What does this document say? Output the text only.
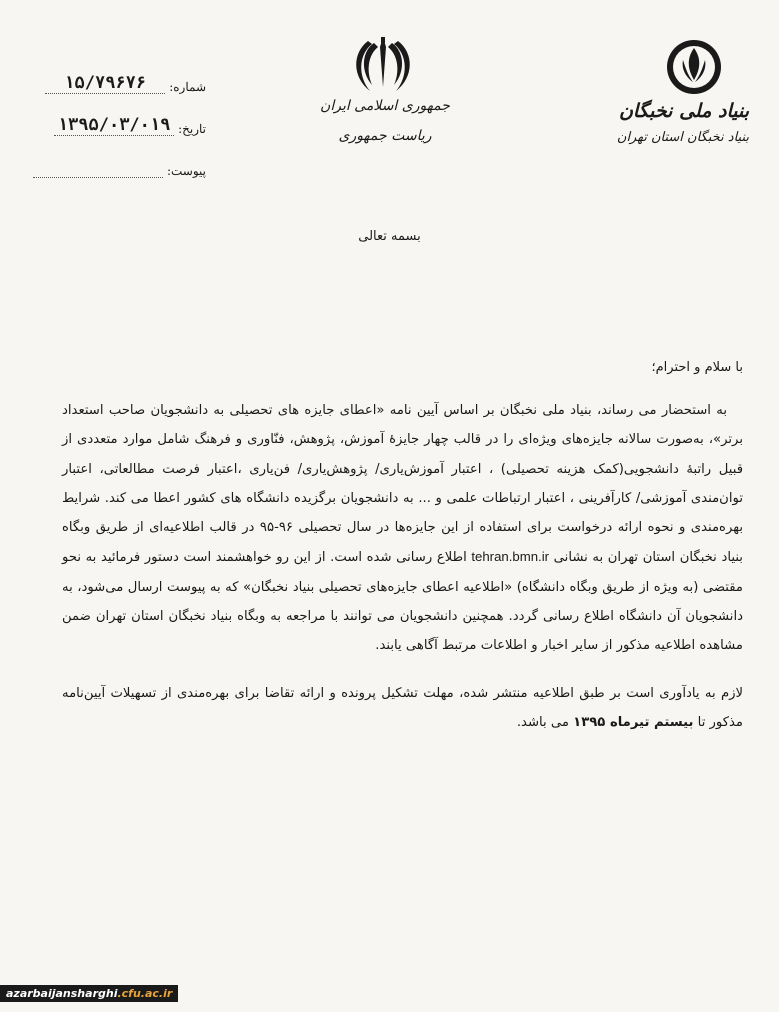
شماره:
۱۵/۷۹۶۷۶
تاریخ:
۱۳۹۵/۰۳/۰۱۹
پیوست:
جمهوری اسلامی ایران
ریاست جمهوری
بنیاد ملی نخبگان
بنیاد نخبگان استان تهران
بسمه تعالی
با سلام و احترام؛

به استحضار می رساند، بنیاد ملی نخبگان بر اساس آیین نامه «اعطای جایزه های تحصیلی به دانشجویان صاحب استعداد برتر»، به‌صورت سالانه جایزه‌های ویژه‌ای را در قالب چهار جایزۀ آموزش، پژوهش، فنّاوری و فرهنگ شامل موارد متعددی از قبیل راتبۀ دانشجویی(کمک هزینه تحصیلی) ، اعتبار آموزش‌یاری/ پژوهش‌یاری/ فن‌یاری ،اعتبار فرصت مطالعاتی، اعتبار توان‌مندی آموزشی/ کارآفرینی ، اعتبار ارتباطات علمی و ... به دانشجویان برگزیده دانشگاه های کشور اعطا می کند. شرایط بهره‌مندی و نحوه ارائه درخواست برای استفاده از این جایزه‌ها در سال تحصیلی ۹۶-۹۵ در قالب اطلاعیه‌ای از طریق وبگاه بنیاد نخبگان استان تهران به نشانی tehran.bmn.ir اطلاع رسانی شده است. از این رو خواهشمند است دستور فرمائید به نحو مقتضی (به ویژه از طریق وبگاه دانشگاه) «اطلاعیه اعطای جایزه‌های تحصیلی بنیاد نخبگان» که به پیوست ارسال می‌شود، به دانشجویان آن دانشگاه اطلاع رسانی گردد. همچنین دانشجویان می توانند با مراجعه به وبگاه بنیاد نخبگان استان تهران ضمن مشاهده اطلاعیه مذکور از سایر اخبار و اطلاعات مرتبط آگاهی یابند.

لازم به یادآوری است بر طبق اطلاعیه منتشر شده، مهلت تشکیل پرونده و ارائه تقاضا برای بهره‌مندی از تسهیلات آیین‌نامه مذکور تا بیستم تیرماه ۱۳۹۵ می باشد.

azarbaijansharghi.cfu.ac.ir
